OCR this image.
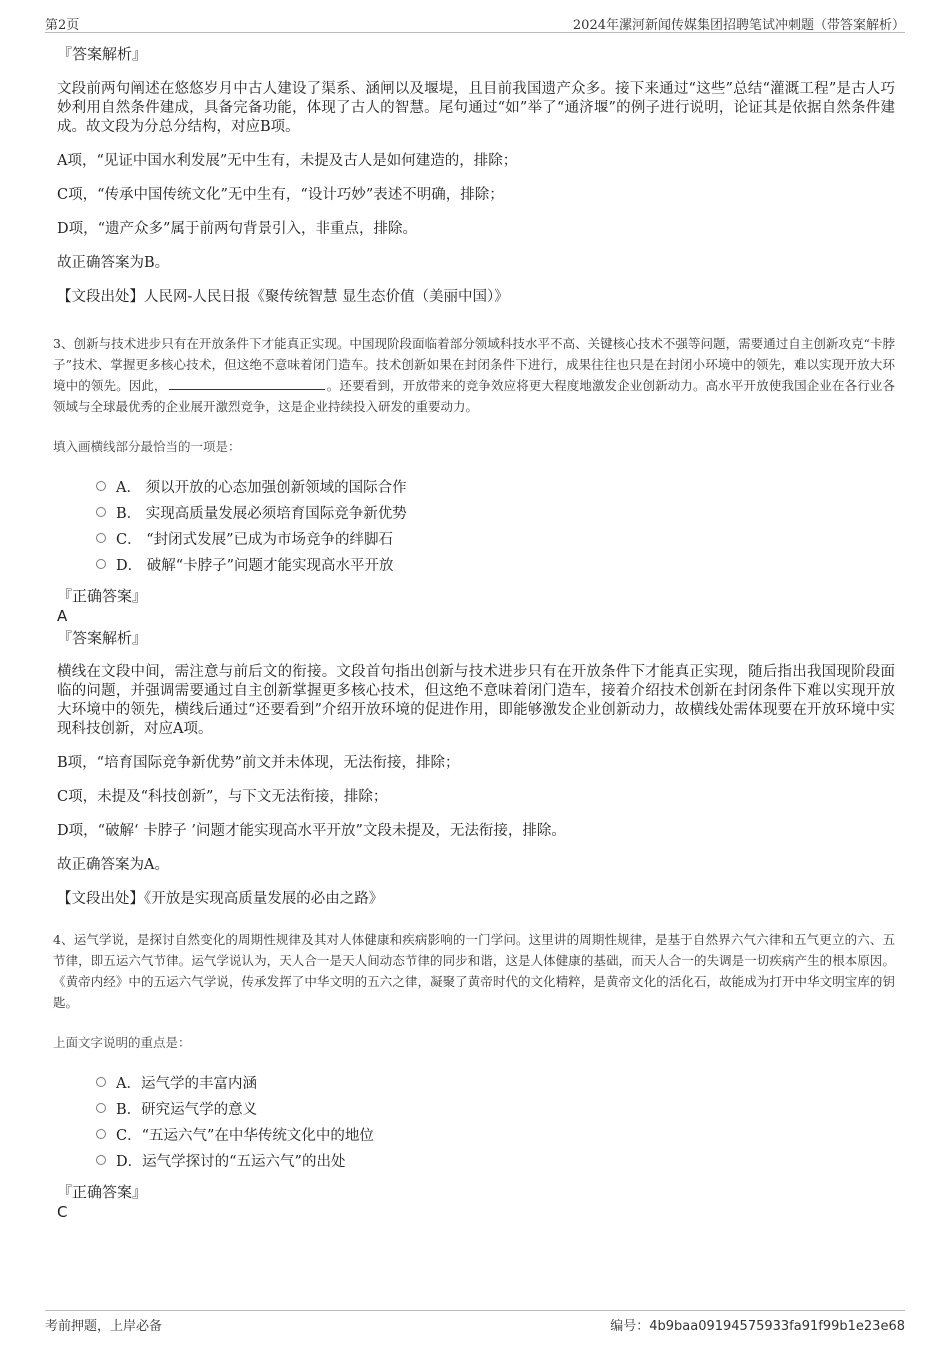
第2页	2024年漯河新闻传媒集团招聘笔试冲刺题（带答案解析）

『答案解析』

文段前两句阐述在悠悠岁月中古人建设了渠系、涵闸以及堰堤，且目前我国遗产众多。接下来通过“这些”总结“灌溉工程”是古人巧妙利用自然条件建成，具备完备功能，体现了古人的智慧。尾句通过“如”举了“通济堰”的例子进行说明，论证其是依据自然条件建成。故文段为分总分结构，对应B项。

A项，“见证中国水利发展”无中生有，未提及古人是如何建造的，排除；

C项，“传承中国传统文化”无中生有，“设计巧妙”表述不明确，排除；

D项，“遗产众多”属于前两句背景引入，非重点，排除。

故正确答案为B。

【文段出处】人民网-人民日报《聚传统智慧 显生态价值（美丽中国）》

3、创新与技术进步只有在开放条件下才能真正实现。中国现阶段面临着部分领域科技水平不高、关键核心技术不强等问题，需要通过自主创新攻克“卡脖子”技术、掌握更多核心技术，但这绝不意味着闭门造车。技术创新如果在封闭条件下进行，成果往往也只是在封闭小环境中的领先，难以实现开放大环境中的领先。因此，	。还要看到，开放带来的竞争效应将更大程度地激发企业创新动力。高水平开放使我国企业在各行业各领域与全球最优秀的企业展开激烈竞争，这是企业持续投入研发的重要动力。

填入画横线部分最恰当的一项是：

A． 须以开放的心态加强创新领域的国际合作
B． 实现高质量发展必须培育国际竞争新优势
C． “封闭式发展”已成为市场竞争的绊脚石
D． 破解“卡脖子”问题才能实现高水平开放

『正确答案』

A

『答案解析』

横线在文段中间，需注意与前后文的衔接。文段首句指出创新与技术进步只有在开放条件下才能真正实现，随后指出我国现阶段面临的问题，并强调需要通过自主创新掌握更多核心技术，但这绝不意味着闭门造车，接着介绍技术创新在封闭条件下难以实现开放大环境中的领先，横线后通过“还要看到”介绍开放环境的促进作用，即能够激发企业创新动力，故横线处需体现要在开放环境中实现科技创新，对应A项。

B项，“培育国际竞争新优势”前文并未体现，无法衔接，排除；

C项，未提及“科技创新”，与下文无法衔接，排除；

D项，“破解‘ 卡脖子 ’问题才能实现高水平开放”文段未提及，无法衔接，排除。

故正确答案为A。

【文段出处】《开放是实现高质量发展的必由之路》

4、运气学说，是探讨自然变化的周期性规律及其对人体健康和疾病影响的一门学问。这里讲的周期性规律，是基于自然界六气六律和五气更立的六、五节律，即五运六气节律。运气学说认为，天人合一是天人间动态节律的同步和谐，这是人体健康的基础，而天人合一的失调是一切疾病产生的根本原因。《黄帝内经》中的五运六气学说，传承发挥了中华文明的五六之律，凝聚了黄帝时代的文化精粹，是黄帝文化的活化石，故能成为打开中华文明宝库的钥匙。

上面文字说明的重点是：

A．运气学的丰富内涵
B．研究运气学的意义
C．“五运六气”在中华传统文化中的地位
D．运气学探讨的“五运六气”的出处

『正确答案』

C

考前押题，上岸必备	编号：4b9baa09194575933fa91f99b1e23e68
